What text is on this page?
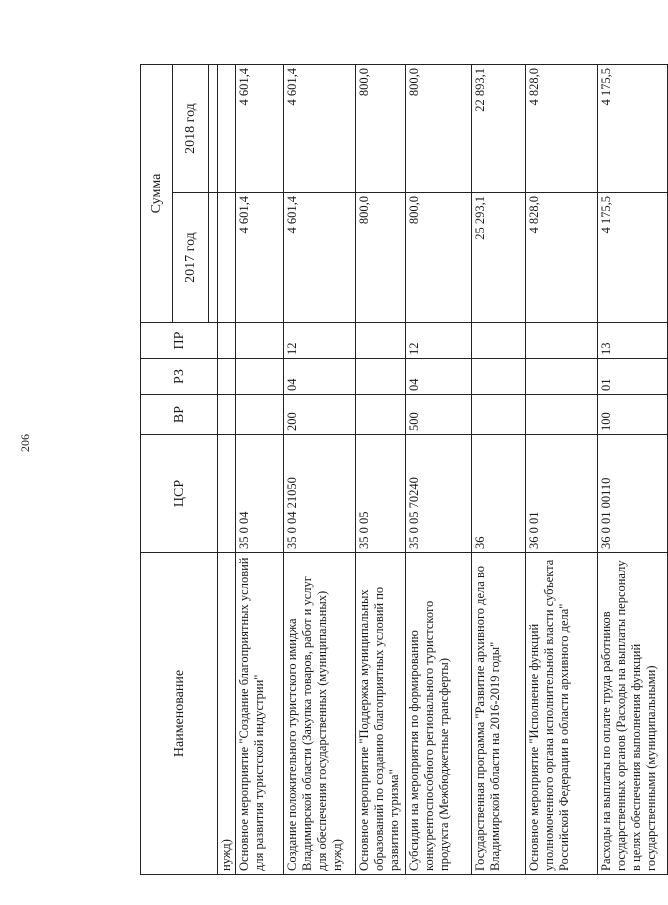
206
Наименование	ЦСР	ВР	РЗ	ПР	Сумма	
					2017 год	2018 год

нужд)						
Основное мероприятие "Создание благоприятных условий для развития туристской индустрии"	35 0 04				4 601,4	4 601,4
Создание положительного туристского имиджа Владимирской области (Закупка товаров, работ и услуг для обеспечения государственных (муниципальных) нужд)	35 0 04 21050	200	04	12	4 601,4	4 601,4
Основное мероприятие "Поддержка муниципальных образований по созданию благоприятных условий по развитию туризма"	35 0 05				800,0	800,0
Субсидии на мероприятия по формированию конкурентоспособного регионального туристского продукта (Межбюджетные трансферты)	35 0 05 70240	500	04	12	800,0	800,0
Государственная программа "Развитие архивного дела во Владимирской области на 2016-2019 годы"	36				25 293,1	22 893,1
Основное мероприятие "Исполнение функций уполномоченного органа исполнительной власти субъекта Российской Федерации в области архивного дела"	36 0 01				4 828,0	4 828,0
Расходы на выплаты по оплате труда работников государственных органов (Расходы на выплаты персоналу в целях обеспечения выполнения функций государственными (муниципальными)	36 0 01 00110	100	01	13	4 175,5	4 175,5
